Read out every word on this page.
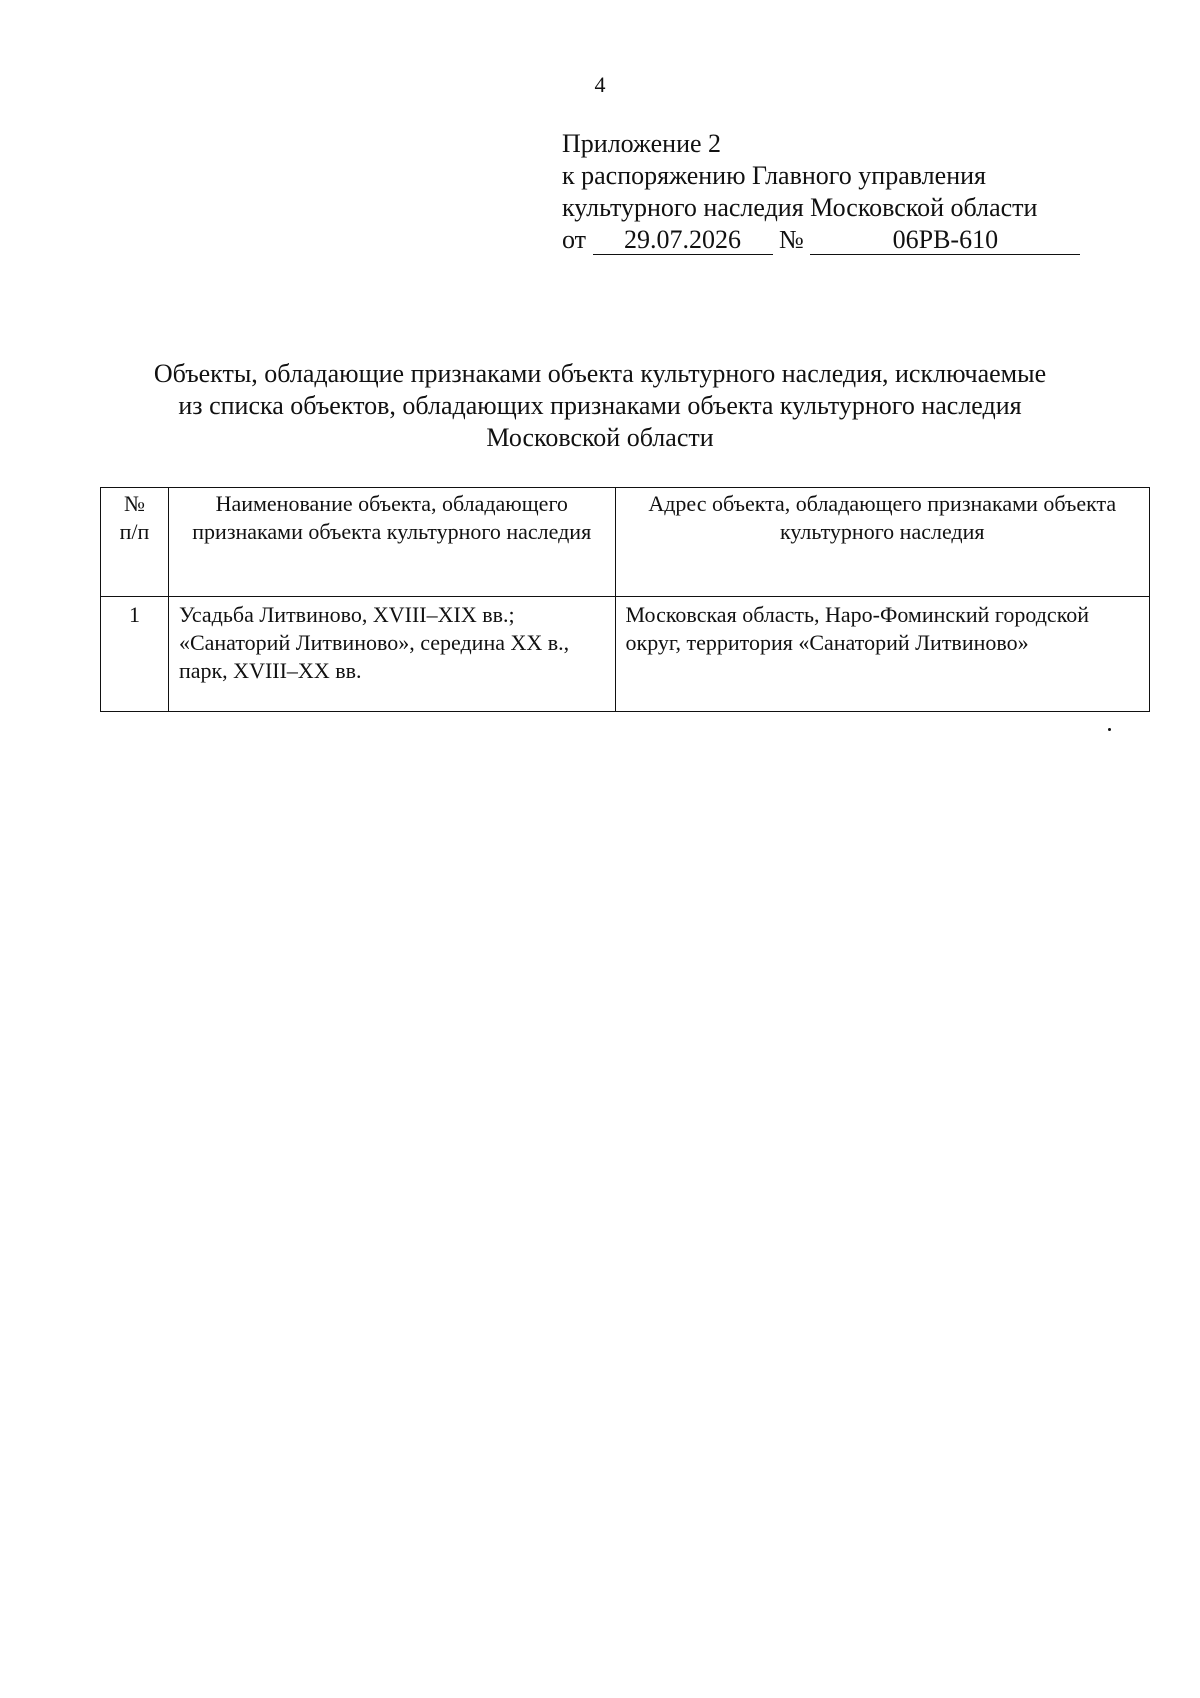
4
Приложение 2
к распоряжению Главного управления
культурного наследия Московской области
от 29.07.2026 №	06РВ-610
Объекты, обладающие признаками объекта культурного наследия, исключаемые
из списка объектов, обладающих признаками объекта культурного наследия
Московской области
№
п/п	Наименование объекта, обладающего признаками объекта культурного наследия	Адрес объекта, обладающего признаками объекта культурного наследия
1	Усадьба Литвиново, XVIII–XIX вв.; «Санаторий Литвиново», середина XX в., парк, XVIII–XX вв.	Московская область, Наро-Фоминский городской округ, территория «Санаторий Литвиново»
